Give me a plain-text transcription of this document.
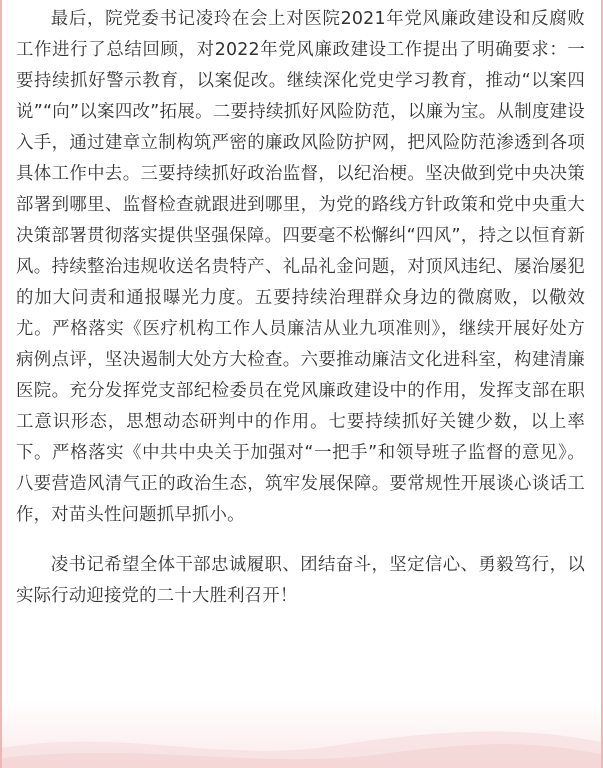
最后，院党委书记凌玲在会上对医院2021年党风廉政建设和反腐败工作进行了总结回顾，对2022年党风廉政建设工作提出了明确要求：一要持续抓好警示教育，以案促改。继续深化党史学习教育，推动“以案四说”“向”以案四改”拓展。二要持续抓好风险防范，以廉为宝。从制度建设入手，通过建章立制构筑严密的廉政风险防护网，把风险防范渗透到各项具体工作中去。三要持续抓好政治监督，以纪治梗。坚决做到党中央决策部署到哪里、监督检查就跟进到哪里，为党的路线方针政策和党中央重大决策部署贯彻落实提供坚强保障。四要毫不松懈纠“四风”，持之以恒育新风。持续整治违规收送名贵特产、礼品礼金问题，对顶风违纪、屡治屡犯的加大问责和通报曝光力度。五要持续治理群众身边的微腐败，以儆效尤。严格落实《医疗机构工作人员廉洁从业九项准则》，继续开展好处方病例点评，坚决遏制大处方大检查。六要推动廉洁文化进科室，构建清廉医院。充分发挥党支部纪检委员在党风廉政建设中的作用，发挥支部在职工意识形态，思想动态研判中的作用。七要持续抓好关键少数，以上率下。严格落实《中共中央关于加强对“一把手”和领导班子监督的意见》。八要营造风清气正的政治生态，筑牢发展保障。要常规性开展谈心谈话工作，对苗头性问题抓早抓小。

凌书记希望全体干部忠诚履职、团结奋斗，坚定信心、勇毅笃行，以实际行动迎接党的二十大胜利召开！
